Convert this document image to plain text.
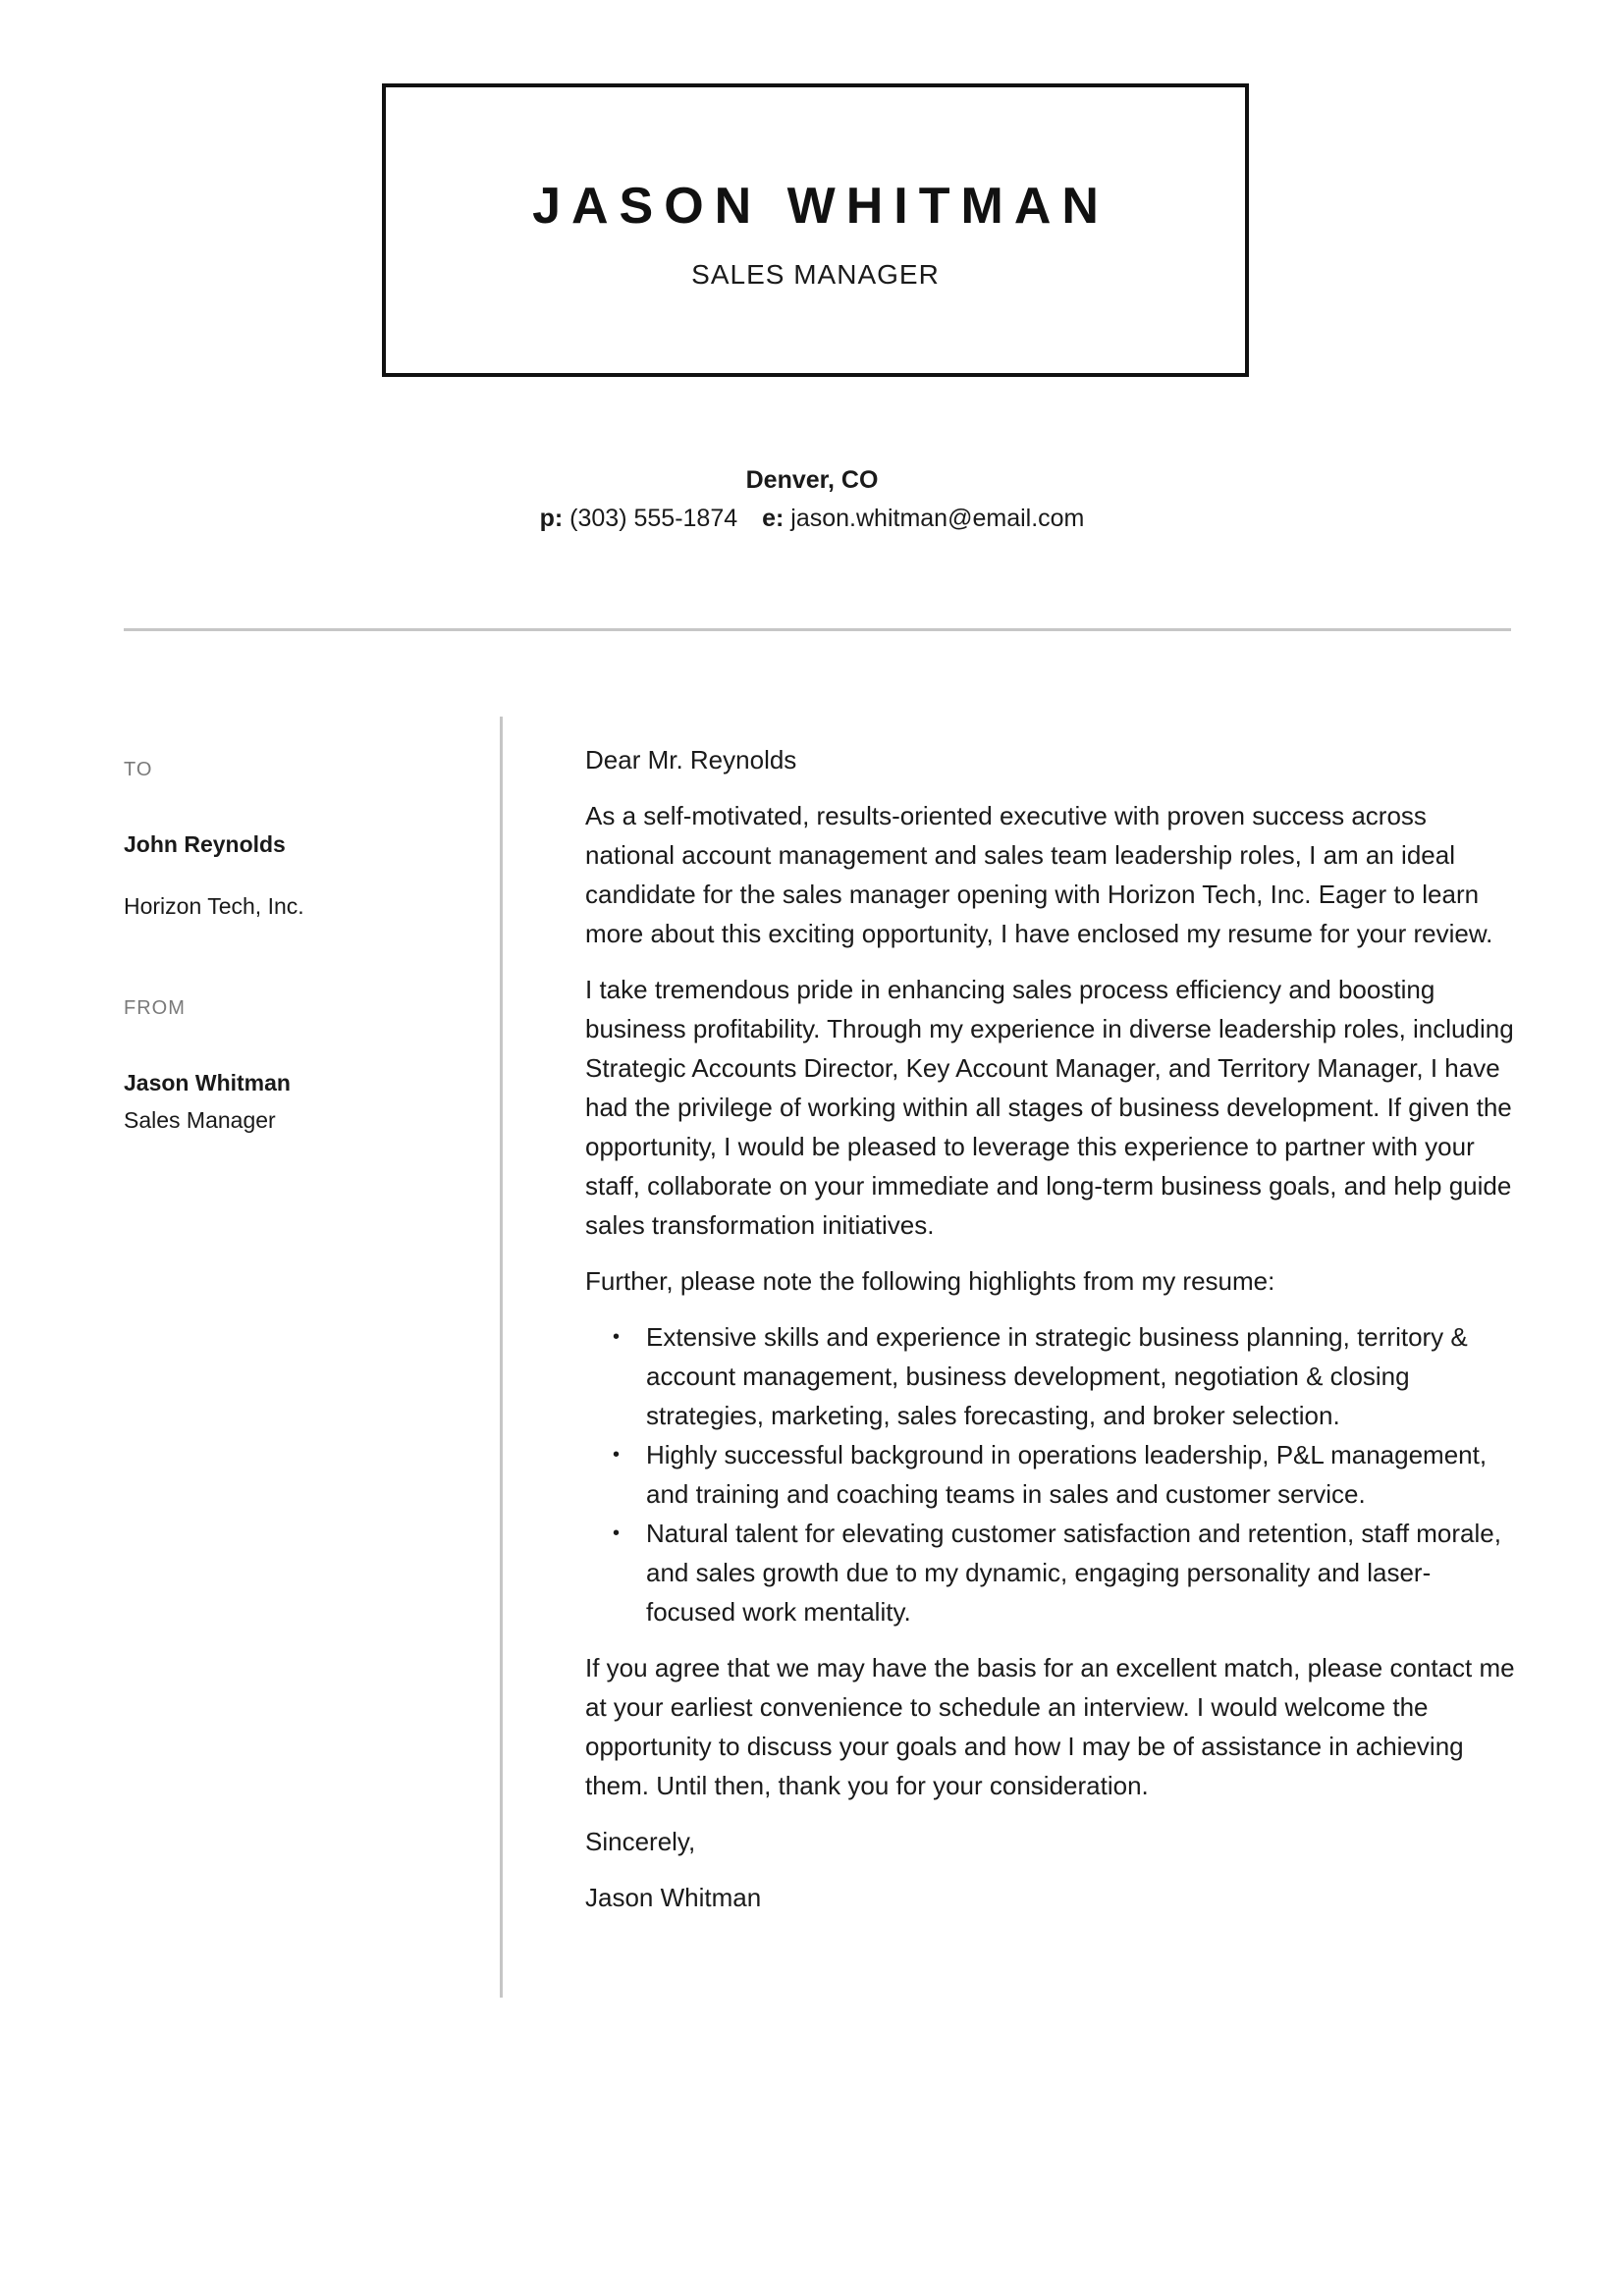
JASON WHITMAN
SALES MANAGER
Denver, CO
p: (303) 555-1874 e: jason.whitman@email.com
TO
John Reynolds
Horizon Tech, Inc.
FROM
Jason Whitman
Sales Manager

Dear Mr. Reynolds

As a self-motivated, results-oriented executive with proven success across national account management and sales team leadership roles, I am an ideal candidate for the sales manager opening with Horizon Tech, Inc. Eager to learn more about this exciting opportunity, I have enclosed my resume for your review.

I take tremendous pride in enhancing sales process efficiency and boosting business profitability. Through my experience in diverse leadership roles, including Strategic Accounts Director, Key Account Manager, and Territory Manager, I have had the privilege of working within all stages of business development. If given the opportunity, I would be pleased to leverage this experience to partner with your staff, collaborate on your immediate and long-term business goals, and help guide sales transformation initiatives.

Further, please note the following highlights from my resume:

• Extensive skills and experience in strategic business planning, territory & account management, business development, negotiation & closing strategies, marketing, sales forecasting, and broker selection.
• Highly successful background in operations leadership, P&L management, and training and coaching teams in sales and customer service.
• Natural talent for elevating customer satisfaction and retention, staff morale, and sales growth due to my dynamic, engaging personality and laser-focused work mentality.

If you agree that we may have the basis for an excellent match, please contact me at your earliest convenience to schedule an interview. I would welcome the opportunity to discuss your goals and how I may be of assistance in achieving them. Until then, thank you for your consideration.

Sincerely,

Jason Whitman
